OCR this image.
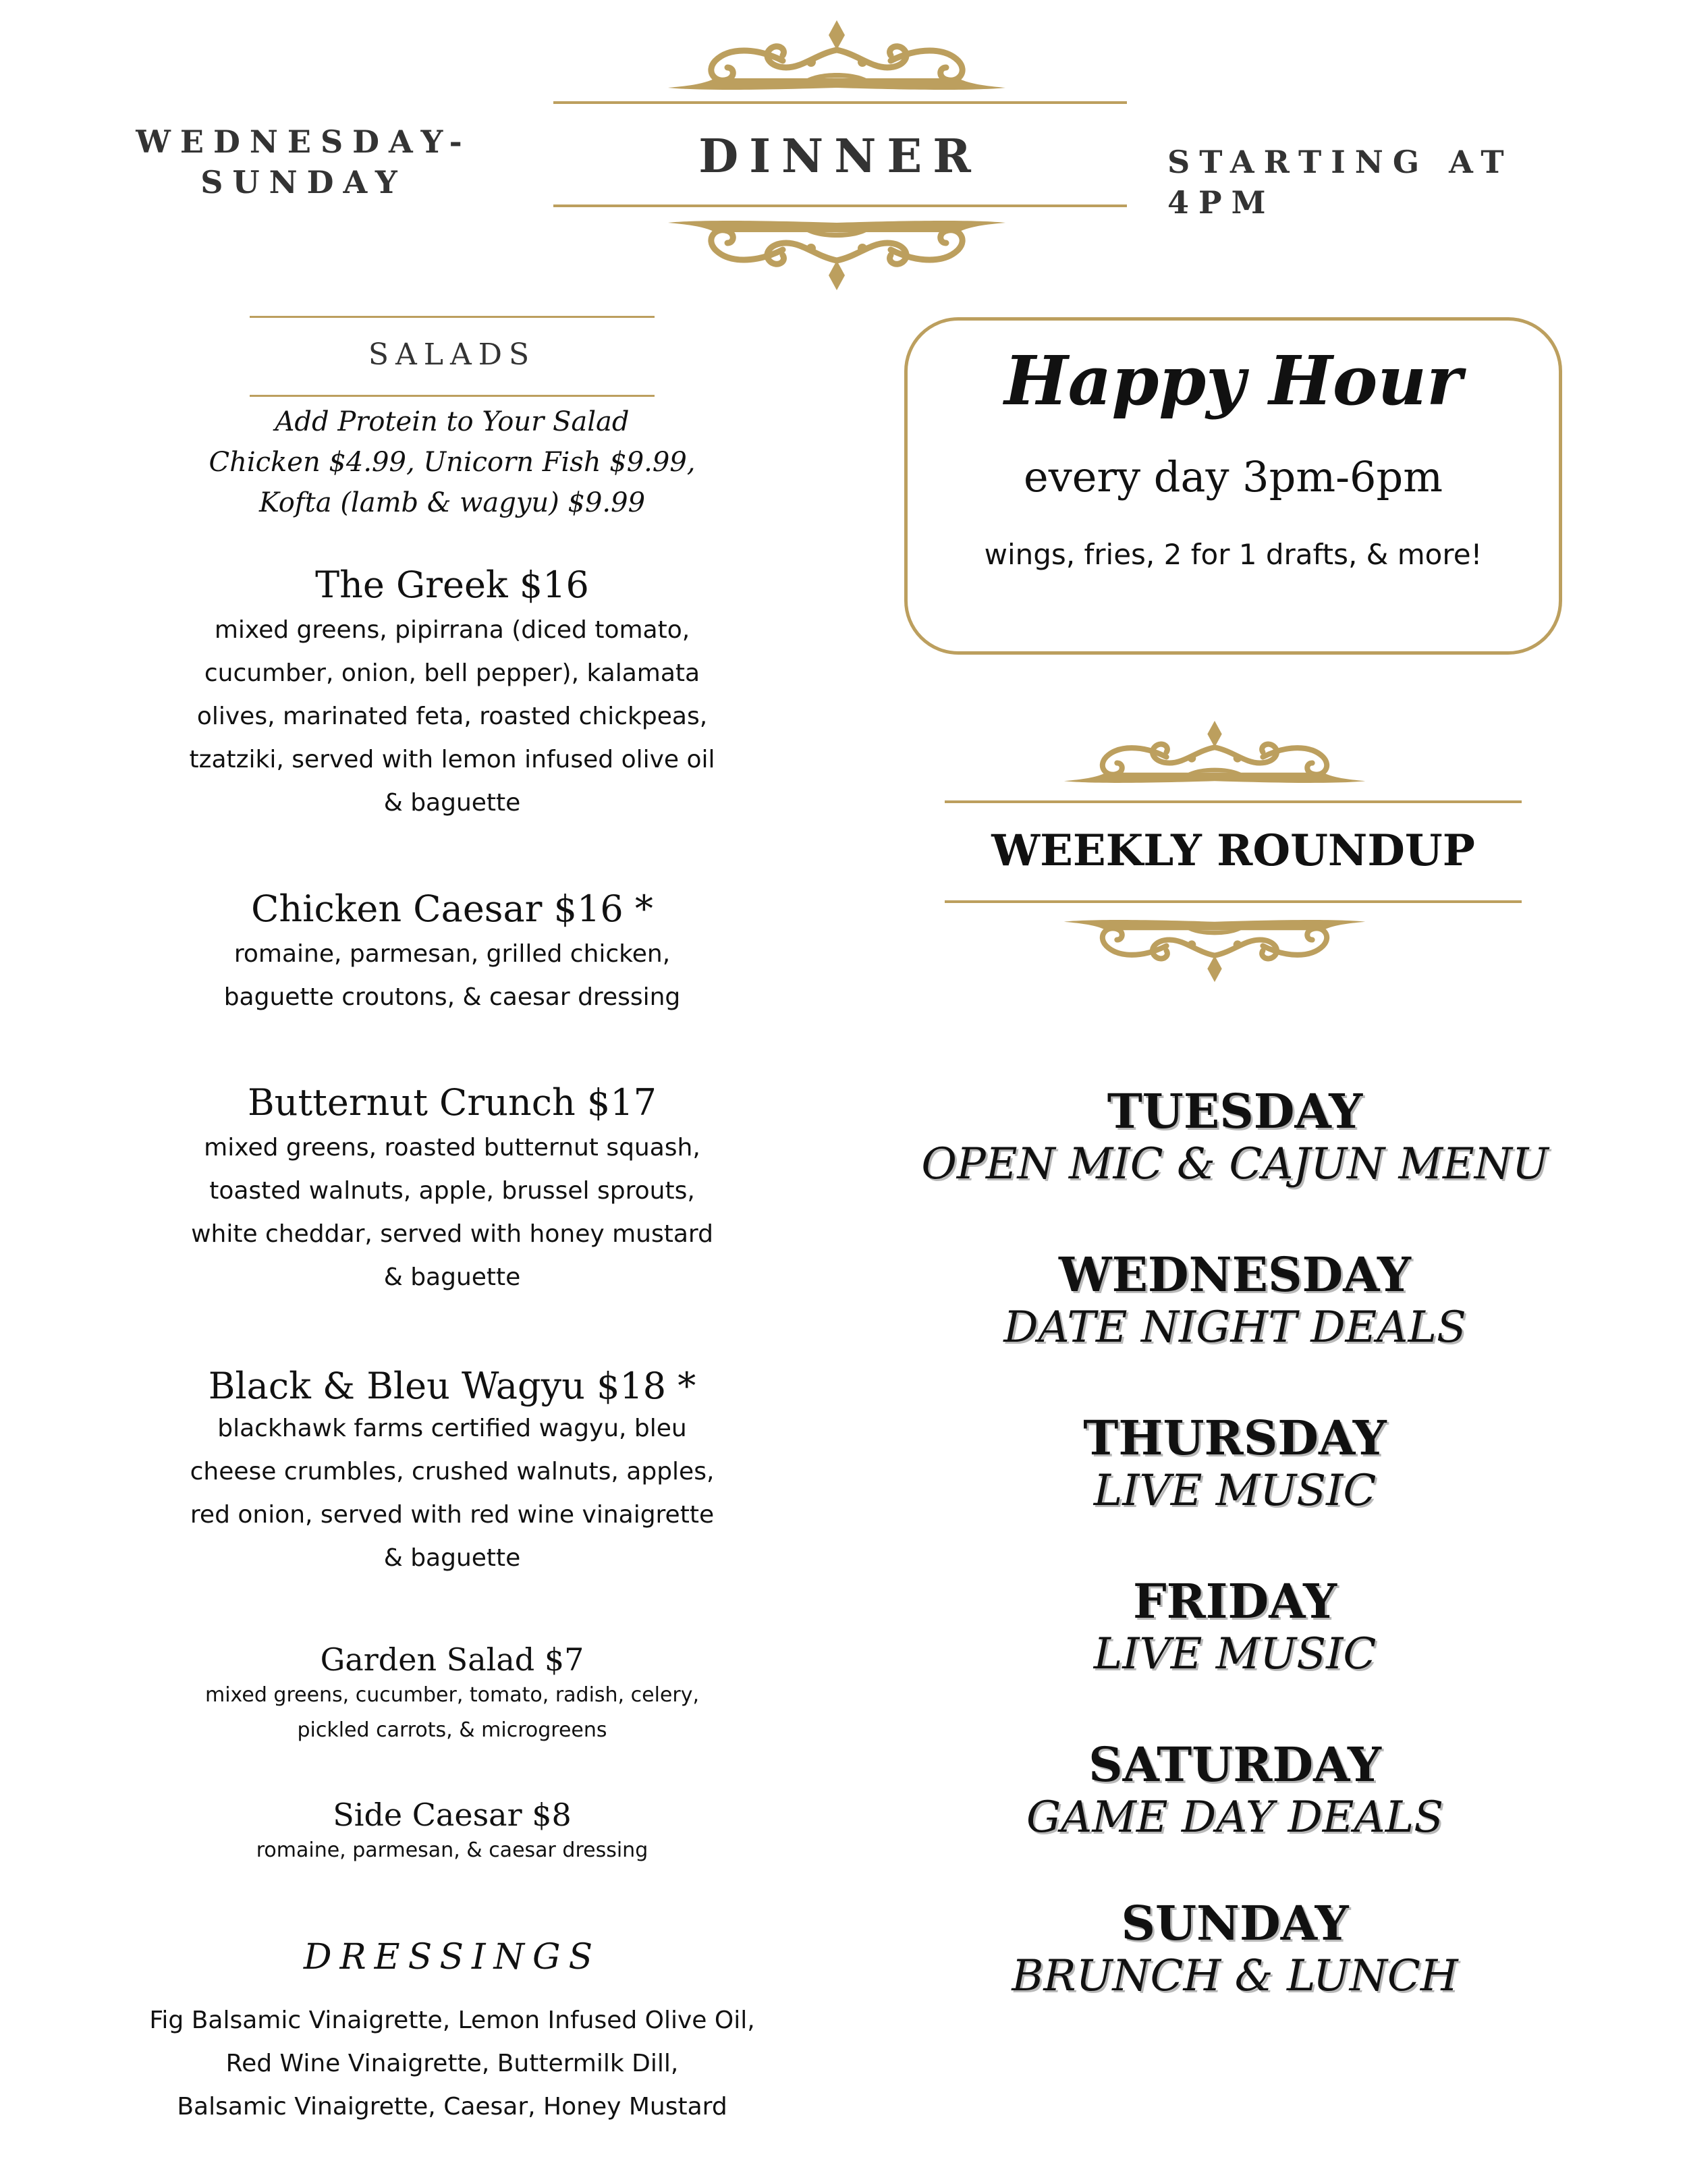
WEDNESDAY-
SUNDAY	DINNER	STARTING AT 4PM
SALADS
Add Protein to Your Salad
Chicken $4.99, Unicorn Fish $9.99,
Kofta (lamb & wagyu) $9.99
The Greek $16
mixed greens, pipirrana (diced tomato,
cucumber, onion, bell pepper), kalamata
olives, marinated feta, roasted chickpeas,
tzatziki, served with lemon infused olive oil
& baguette
Chicken Caesar $16 *
romaine, parmesan, grilled chicken,
baguette croutons, & caesar dressing
Butternut Crunch $17
mixed greens, roasted butternut squash,
toasted walnuts, apple, brussel sprouts,
white cheddar, served with honey mustard
& baguette
Black & Bleu Wagyu $18 *
blackhawk farms certified wagyu, bleu
cheese crumbles, crushed walnuts, apples,
red onion, served with red wine vinaigrette
& baguette
Garden Salad $7
mixed greens, cucumber, tomato, radish, celery,
pickled carrots, & microgreens
Side Caesar $8
romaine, parmesan, & caesar dressing
DRESSINGS
Fig Balsamic Vinaigrette, Lemon Infused Olive Oil,
Red Wine Vinaigrette, Buttermilk Dill,
Balsamic Vinaigrette, Caesar, Honey Mustard
Happy Hour
every day 3pm-6pm
wings, fries, 2 for 1 drafts, & more!
WEEKLY ROUNDUP
TUESDAY
OPEN MIC & CAJUN MENU
WEDNESDAY
DATE NIGHT DEALS
THURSDAY
LIVE MUSIC
FRIDAY
LIVE MUSIC
SATURDAY
GAME DAY DEALS
SUNDAY
BRUNCH & LUNCH
